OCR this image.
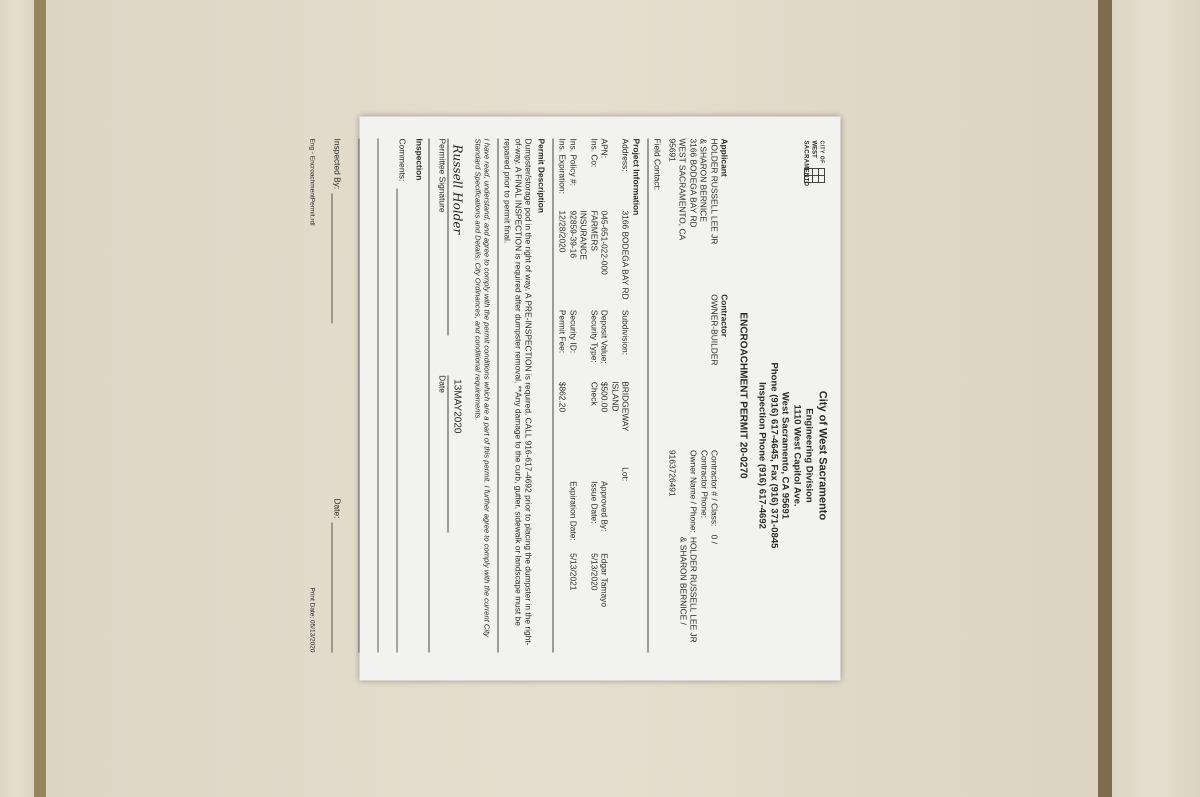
CITY OF
WEST
SACRAMENTO
City of West Sacramento
Engineering Division
1110 West Capitol Ave.
West Sacramento, CA 95691
Phone (916) 617-4645, Fax (916) 371-0845
Inspection Phone (916) 617-4692
ENCROACHMENT PERMIT 20-0270
Applicant
HOLDER RUSSELL LEE JR
& SHARON BERNICE
3166 BODEGA BAY RD
WEST SACRAMENTO, CA
95691
Field Contact:
Contractor
OWNER-BUILDER
Contractor # / Class: 0 /
Contractor Phone:
Owner Name / Phone:
HOLDER RUSSELL LEE JR
& SHARON BERNICE /
9163726491
Project Information
Address:
3166 BODEGA BAY RD
Subdivision:
BRIDGEWAY ISLAND
Lot:
APN:
045-651-022-000
Deposit Value:
$500.00
Approved By:
Edgar Tamayo
Ins. Co:
FARMERS
INSURANCE
Security Type:
Check
Issue Date:
5/13/2020
Ins. Policy #:
92859-39-16
Security ID:
Expiration Date:
5/13/2021
Ins. Expiration:
12/28/2020
Permit Fee:
$862.20
Permit Description
Dumpster/storage pod in the right of way. A PRE-INSPECTION is required. CALL 916-617-4692 prior to placing the dumpster in the right-of-way. A FINAL INSPECTION is required after dumpster removal. **Any damage to the curb, gutter, sidewalk or landscape must be repaired prior to permit final.
I have read, understand, and agree to comply with the permit conditions which are a part of this permit. I further agree to comply with the current City Standard Specifications and Details, City Ordinances, and conditional requirements.
Russell Holder
13MAY2020
Permittee Signature
Date
Inspection
Comments:
Inspected By:
Date:
Eng - EncroachmentPermit.rdl
Print Date: 05/13/2020
